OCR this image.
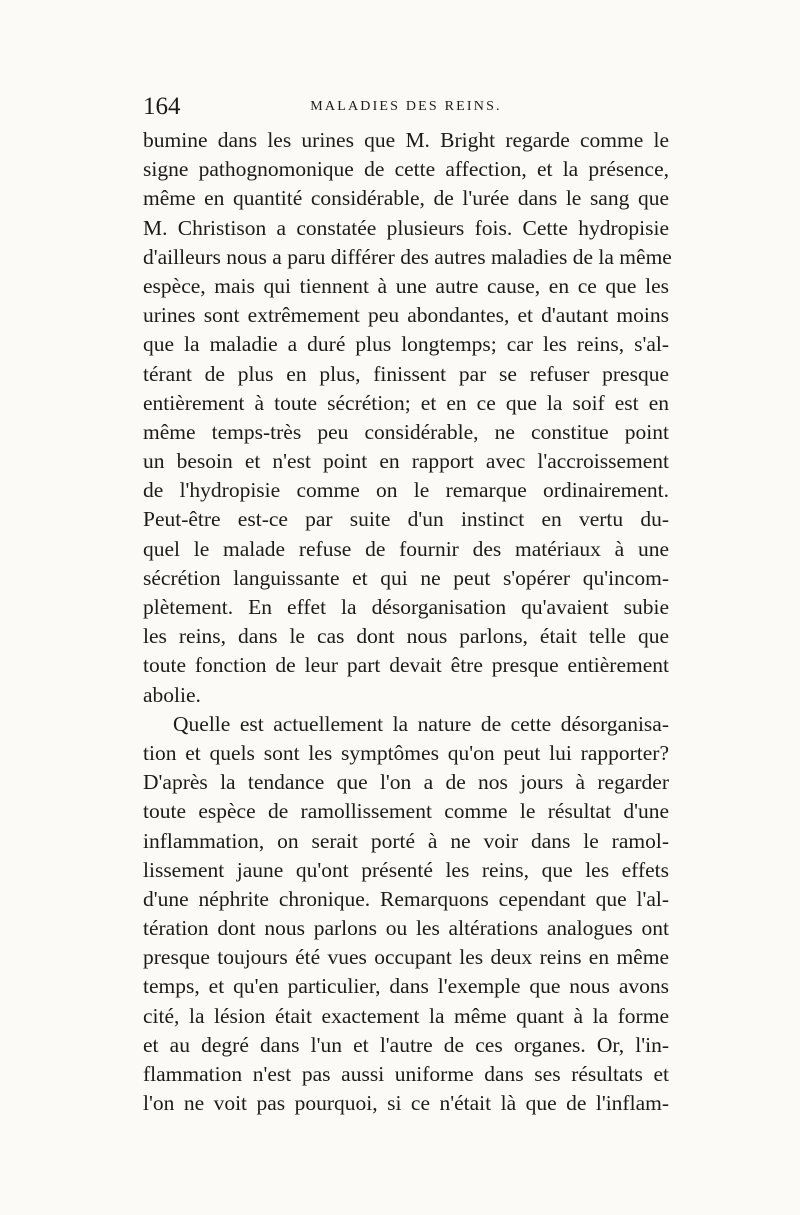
164	MALADIES DES REINS.
bumine dans les urines que M. Bright regarde comme le
signe pathognomonique de cette affection, et la présence,
même en quantité considérable, de l'urée dans le sang que
M. Christison a constatée plusieurs fois. Cette hydropisie
d'ailleurs nous a paru différer des autres maladies de la même
espèce, mais qui tiennent à une autre cause, en ce que les
urines sont extrêmement peu abondantes, et d'autant moins
que la maladie a duré plus longtemps; car les reins, s'al-
térant de plus en plus, finissent par se refuser presque
entièrement à toute sécrétion; et en ce que la soif est en
même temps-très peu considérable, ne constitue point
un besoin et n'est point en rapport avec l'accroissement
de l'hydropisie comme on le remarque ordinairement.
Peut-être est-ce par suite d'un instinct en vertu du-
quel le malade refuse de fournir des matériaux à une
sécrétion languissante et qui ne peut s'opérer qu'incom-
plètement. En effet la désorganisation qu'avaient subie
les reins, dans le cas dont nous parlons, était telle que
toute fonction de leur part devait être presque entièrement
abolie.
Quelle est actuellement la nature de cette désorganisa-
tion et quels sont les symptômes qu'on peut lui rapporter?
D'après la tendance que l'on a de nos jours à regarder
toute espèce de ramollissement comme le résultat d'une
inflammation, on serait porté à ne voir dans le ramol-
lissement jaune qu'ont présenté les reins, que les effets
d'une néphrite chronique. Remarquons cependant que l'al-
tération dont nous parlons ou les altérations analogues ont
presque toujours été vues occupant les deux reins en même
temps, et qu'en particulier, dans l'exemple que nous avons
cité, la lésion était exactement la même quant à la forme
et au degré dans l'un et l'autre de ces organes. Or, l'in-
flammation n'est pas aussi uniforme dans ses résultats et
l'on ne voit pas pourquoi, si ce n'était là que de l'inflam-
